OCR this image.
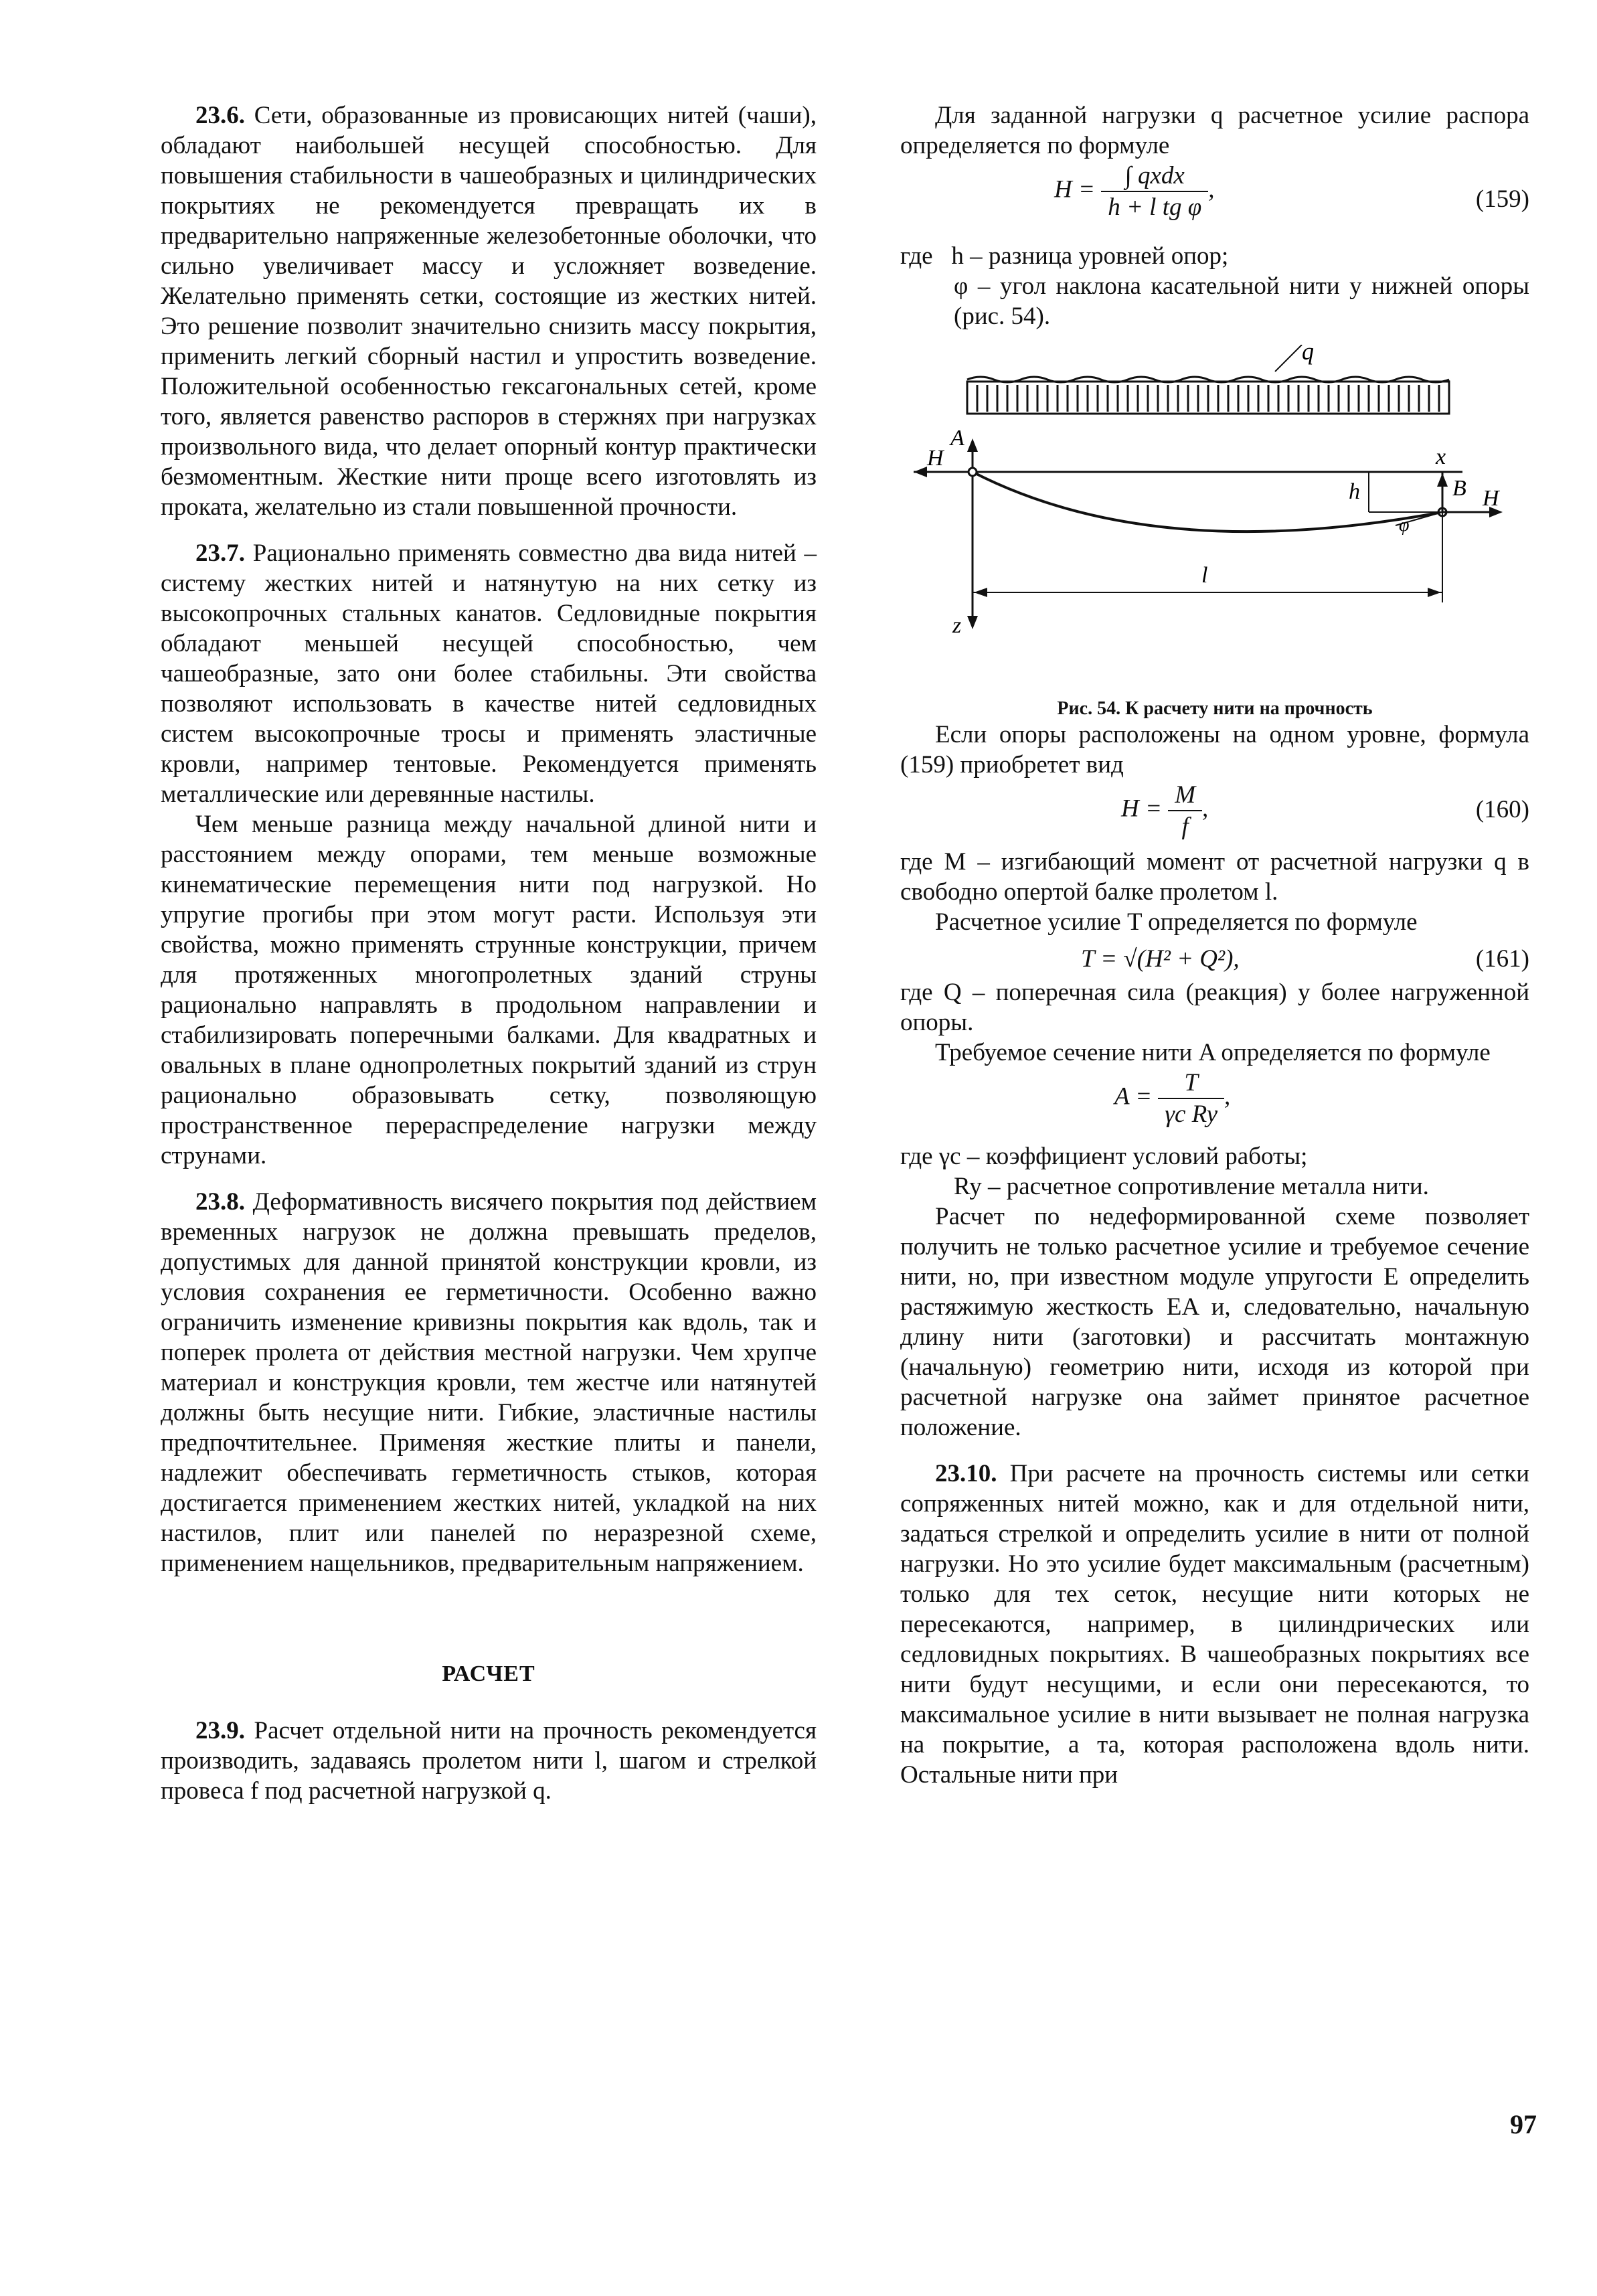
23.6. Сети, образованные из провисающих нитей (чаши), обладают наибольшей несущей способностью. Для повышения стабильности в чашеобразных и цилиндрических покрытиях не рекомендуется превращать их в предварительно напряженные железобетонные оболочки, что сильно увеличивает массу и усложняет возведение. Желательно применять сетки, состоящие из жестких нитей. Это решение позволит значительно снизить массу покрытия, применить легкий сборный настил и упростить возведение. Положительной особенностью гексагональных сетей, кроме того, является равенство распоров в стержнях при нагрузках произвольного вида, что делает опорный контур практически безмоментным. Жесткие нити проще всего изготовлять из проката, желательно из стали повышенной прочности.

23.7. Рационально применять совместно два вида нитей – систему жестких нитей и натянутую на них сетку из высокопрочных стальных канатов. Седловидные покрытия обладают меньшей несущей способностью, чем чашеобразные, зато они более стабильны. Эти свойства позволяют использовать в качестве нитей седловидных систем высокопрочные тросы и применять эластичные кровли, например тентовые. Рекомендуется применять металлические или деревянные настилы.

Чем меньше разница между начальной длиной нити и расстоянием между опорами, тем меньше возможные кинематические перемещения нити под нагрузкой. Но упругие прогибы при этом могут расти. Используя эти свойства, можно применять струнные конструкции, причем для протяженных многопролетных зданий струны рационально направлять в продольном направлении и стабилизировать поперечными балками. Для квадратных и овальных в плане однопролетных покрытий зданий из струн рационально образовывать сетку, позволяющую пространственное перераспределение нагрузки между струнами.

23.8. Деформативность висячего покрытия под действием временных нагрузок не должна превышать пределов, допустимых для данной принятой конструкции кровли, из условия сохранения ее герметичности. Особенно важно ограничить изменение кривизны покрытия как вдоль, так и поперек пролета от действия местной нагрузки. Чем хрупче материал и конструкция кровли, тем жестче или натянутей должны быть несущие нити. Гибкие, эластичные настилы предпочтительнее. Применяя жесткие плиты и панели, надлежит обеспечивать герметичность стыков, которая достигается применением жестких нитей, укладкой на них настилов, плит или панелей по неразрезной схеме, применением нащельников, предварительным напряжением.

РАСЧЕТ

23.9. Расчет отдельной нити на прочность рекомендуется производить, задаваясь пролетом нити l, шагом и стрелкой провеса f под расчетной нагрузкой q.

Для заданной нагрузки q расчетное усилие распора определяется по формуле

$H = \frac{\text{∫ qxdx}}{\text{h + l tg φ}}$ ,	(159)

где h – разница уровней опор;

φ – угол наклона касательной нити у нижней опоры (рис. 54).

q
A
H	x
B H
h
φ
l
z
Рис. 54. К расчету нити на прочность

Если опоры расположены на одном уровне, формула (159) приобретет вид

$H = \frac{M}{f}$ ,	(160)

где M – изгибающий момент от расчетной нагрузки q в свободно опертой балке пролетом l.

Расчетное усилие T определяется по формуле

T = √(H² + Q²),	(161)

где Q – поперечная сила (реакция) у более нагруженной опоры.

Требуемое сечение нити A определяется по формуле

$A = \frac{T}{\text{γc Ry}}$ ,

где γc – коэффициент условий работы;

Ry – расчетное сопротивление металла нити.

Расчет по недеформированной схеме позволяет получить не только расчетное усилие и требуемое сечение нити, но, при известном модуле упругости E определить растяжимую жесткость EA и, следовательно, начальную длину нити (заготовки) и рассчитать монтажную (начальную) геометрию нити, исходя из которой при расчетной нагрузке она займет принятое расчетное положение.

23.10. При расчете на прочность системы или сетки сопряженных нитей можно, как и для отдельной нити, задаться стрелкой и определить усилие в нити от полной нагрузки. Но это усилие будет максимальным (расчетным) только для тех сеток, несущие нити которых не пересекаются, например, в цилиндрических или седловидных покрытиях. В чашеобразных покрытиях все нити будут несущими, и если они пересекаются, то максимальное усилие в нити вызывает не полная нагрузка на покрытие, а та, которая расположена вдоль нити. Остальные нити при

97
